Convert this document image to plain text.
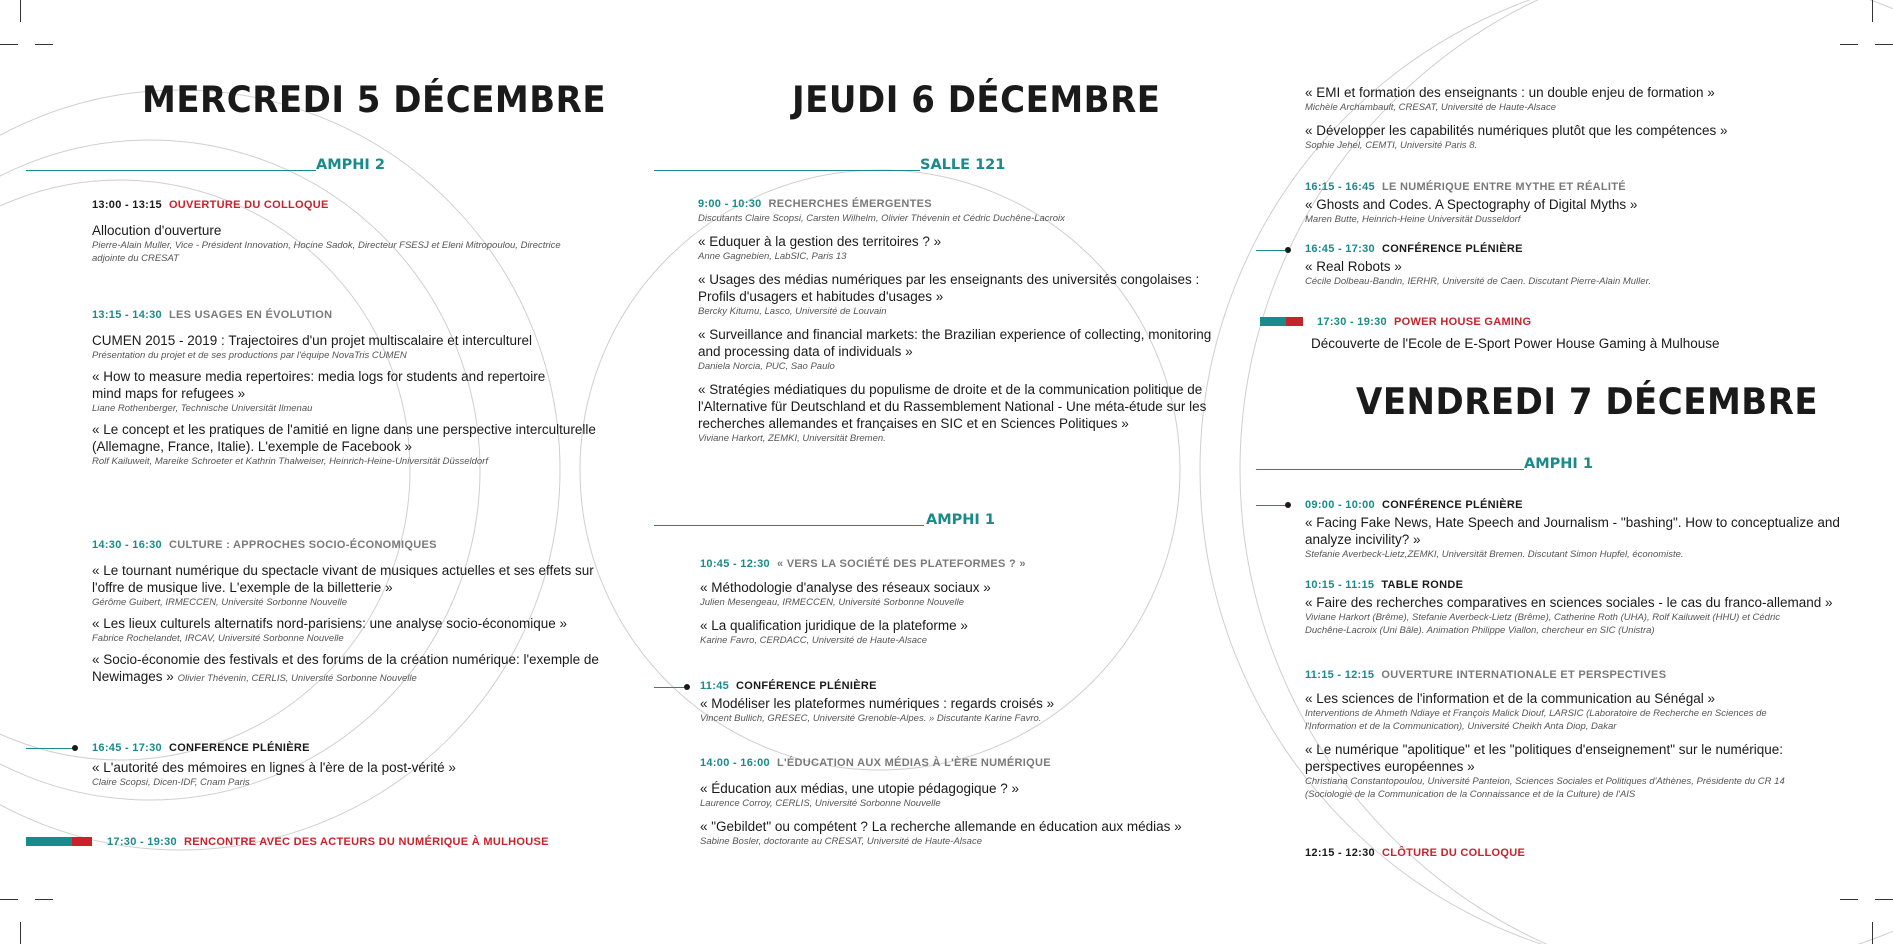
MERCREDI 5 DÉCEMBRE
AMPHI 2
13:00 - 13:15 OUVERTURE DU COLLOQUE
Allocution d'ouverture
Pierre-Alain Muller, Vice - Président Innovation, Hocine Sadok, Directeur FSESJ et Eleni Mitropoulou, Directrice adjointe du CRESAT
13:15 - 14:30 LES USAGES EN ÉVOLUTION
CUMEN 2015 - 2019 : Trajectoires d'un projet multiscalaire et interculturel
Présentation du projet et de ses productions par l'équipe NovaTris CUMEN
« How to measure media repertoires: media logs for students and repertoire mind maps for refugees »
Liane Rothenberger, Technische Universität Ilmenau
« Le concept et les pratiques de l'amitié en ligne dans une perspective interculturelle (Allemagne, France, Italie). L'exemple de Facebook »
Rolf Kailuweit, Mareike Schroeter et Kathrin Thalweiser, Heinrich-Heine-Universität Düsseldorf
14:30 - 16:30 CULTURE : APPROCHES SOCIO-ÉCONOMIQUES
« Le tournant numérique du spectacle vivant de musiques actuelles et ses effets sur l'offre de musique live. L'exemple de la billetterie »
Gérôme Guibert, IRMECCEN, Université Sorbonne Nouvelle
« Les lieux culturels alternatifs nord-parisiens: une analyse socio-économique »
Fabrice Rochelandet, IRCAV, Université Sorbonne Nouvelle
« Socio-économie des festivals et des forums de la création numérique: l'exemple de Newimages » Olivier Thévenin, CERLIS, Université Sorbonne Nouvelle
16:45 - 17:30 CONFERENCE PLÉNIÈRE
« L'autorité des mémoires en lignes à l'ère de la post-vérité »
Claire Scopsi, Dicen-IDF, Cnam Paris
17:30 - 19:30 RENCONTRE AVEC DES ACTEURS DU NUMÉRIQUE À MULHOUSE
JEUDI 6 DÉCEMBRE
SALLE 121
9:00 - 10:30 RECHERCHES ÉMERGENTES
Discutants Claire Scopsi, Carsten Wilhelm, Olivier Thévenin et Cédric Duchêne-Lacroix
« Eduquer à la gestion des territoires ? »
Anne Gagnebien, LabSIC, Paris 13
« Usages des médias numériques par les enseignants des universités congolaises : Profils d'usagers et habitudes d'usages »
Bercky Kitumu, Lasco, Université de Louvain
« Surveillance and financial markets: the Brazilian experience of collecting, monitoring and processing data of individuals »
Daniela Norcia, PUC, Sao Paulo
« Stratégies médiatiques du populisme de droite et de la communication politique de l'Alternative für Deutschland et du Rassemblement National - Une méta-étude sur les recherches allemandes et françaises en SIC et en Sciences Politiques »
Viviane Harkort, ZEMKI, Universität Bremen.
AMPHI 1
10:45 - 12:30 « VERS LA SOCIÉTÉ DES PLATEFORMES ? »
« Méthodologie d'analyse des réseaux sociaux »
Julien Mesengeau, IRMECCEN, Université Sorbonne Nouvelle
« La qualification juridique de la plateforme »
Karine Favro, CERDACC, Université de Haute-Alsace
11:45 CONFÉRENCE PLÉNIÈRE
« Modéliser les plateformes numériques : regards croisés »
Vincent Bullich, GRESEC, Université Grenoble-Alpes. » Discutante Karine Favro.
14:00 - 16:00 L'ÉDUCATION AUX MÉDIAS À L'ÈRE NUMÉRIQUE
« Éducation aux médias, une utopie pédagogique ? »
Laurence Corroy, CERLIS, Université Sorbonne Nouvelle
« "Gebildet" ou compétent ? La recherche allemande en éducation aux médias »
Sabine Bosler, doctorante au CRESAT, Université de Haute-Alsace
« EMI et formation des enseignants : un double enjeu de formation »
Michèle Archambault, CRESAT, Université de Haute-Alsace
« Développer les capabilités numériques plutôt que les compétences »
Sophie Jehel, CEMTI, Université Paris 8.
16:15 - 16:45 LE NUMÉRIQUE ENTRE MYTHE ET RÉALITÉ
« Ghosts and Codes. A Spectography of Digital Myths »
Maren Butte, Heinrich-Heine Universität Dusseldorf
16:45 - 17:30 CONFÉRENCE PLÉNIÈRE
« Real Robots »
Cécile Dolbeau-Bandin, IERHR, Université de Caen. Discutant Pierre-Alain Muller.
17:30 - 19:30 POWER HOUSE GAMING
Découverte de l'Ecole de E-Sport Power House Gaming à Mulhouse
VENDREDI 7 DÉCEMBRE
AMPHI 1
09:00 - 10:00 CONFÉRENCE PLÉNIÈRE
« Facing Fake News, Hate Speech and Journalism - "bashing". How to conceptualize and analyze incivility? »
Stefanie Averbeck-Lietz,ZEMKI, Universität Bremen. Discutant Simon Hupfel, économiste.
10:15 - 11:15 TABLE RONDE
« Faire des recherches comparatives en sciences sociales - le cas du franco-allemand »
Viviane Harkort (Brême), Stefanie Averbeck-Lietz (Brême), Catherine Roth (UHA), Rolf Kailuweit (HHU) et Cédric Duchêne-Lacroix (Uni Bâle). Animation Philippe Viallon, chercheur en SIC (Unistra)
11:15 - 12:15 OUVERTURE INTERNATIONALE ET PERSPECTIVES
« Les sciences de l'information et de la communication au Sénégal »
Interventions de Ahmeth Ndiaye et François Malick Diouf, LARSIC (Laboratoire de Recherche en Sciences de l'Information et de la Communication), Université Cheikh Anta Diop, Dakar
« Le numérique "apolitique" et les "politiques d'enseignement" sur le numérique: perspectives européennes »
Christiana Constantopoulou, Université Panteion, Sciences Sociales et Politiques d'Athènes, Présidente du CR 14 (Sociologie de la Communication de la Connaissance et de la Culture) de l'AIS
12:15 - 12:30 CLÔTURE DU COLLOQUE
